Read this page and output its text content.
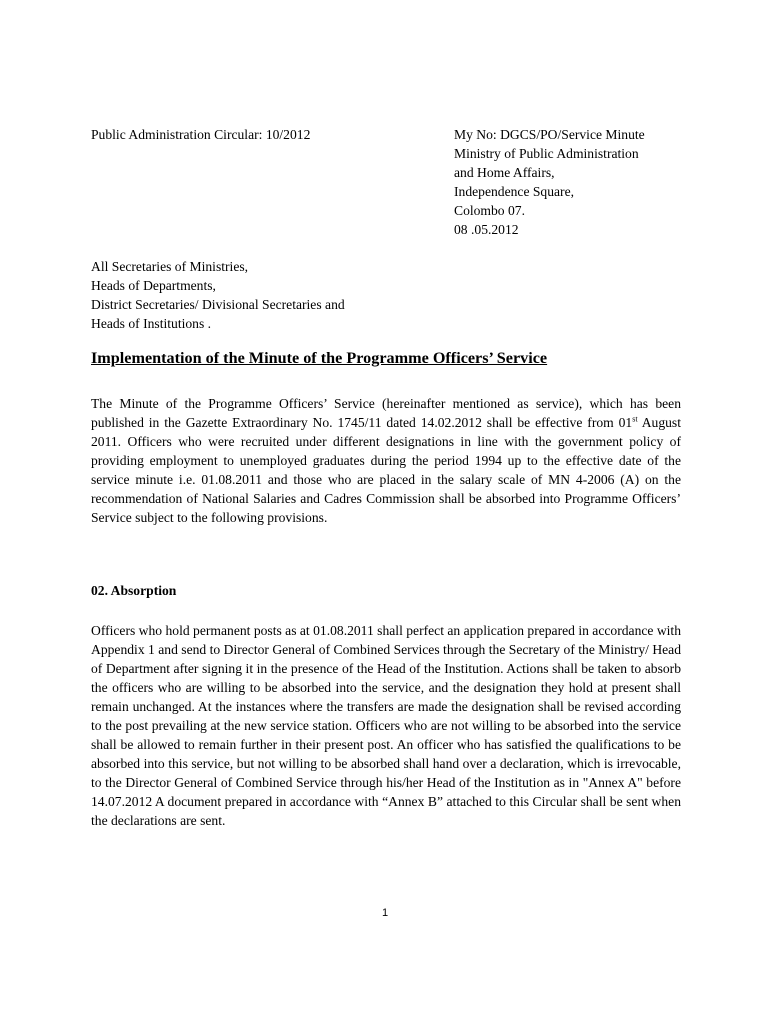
Public Administration Circular: 10/2012	My No: DGCS/PO/Service Minute
Ministry of Public Administration
and Home Affairs,
Independence Square,
Colombo 07.
08 .05.2012
All Secretaries of Ministries,
Heads of Departments,
District Secretaries/ Divisional Secretaries and
Heads of Institutions .
Implementation of the Minute of the Programme Officers’ Service
The Minute of the Programme Officers’ Service (hereinafter mentioned as service), which has been published in the Gazette Extraordinary No. 1745/11 dated 14.02.2012 shall be effective from 01st August 2011. Officers who were recruited under different designations in line with the government policy of providing employment to unemployed graduates during the period 1994 up to the effective date of the service minute i.e. 01.08.2011 and those who are placed in the salary scale of MN 4-2006 (A) on the recommendation of National Salaries and Cadres Commission shall be absorbed into Programme Officers’ Service subject to the following provisions.
02. Absorption
Officers who hold permanent posts as at 01.08.2011 shall perfect an application prepared in accordance with Appendix 1 and send to Director General of Combined Services through the Secretary of the Ministry/ Head of Department after signing it in the presence of the Head of the Institution. Actions shall be taken to absorb the officers who are willing to be absorbed into the service, and the designation they hold at present shall remain unchanged. At the instances where the transfers are made the designation shall be revised according to the post prevailing at the new service station. Officers who are not willing to be absorbed into the service shall be allowed to remain further in their present post. An officer who has satisfied the qualifications to be absorbed into this service, but not willing to be absorbed shall hand over a declaration, which is irrevocable, to the Director General of Combined Service through his/her Head of the Institution as in "Annex A" before 14.07.2012 A document prepared in accordance with “Annex B” attached to this Circular shall be sent when the declarations are sent.
1
